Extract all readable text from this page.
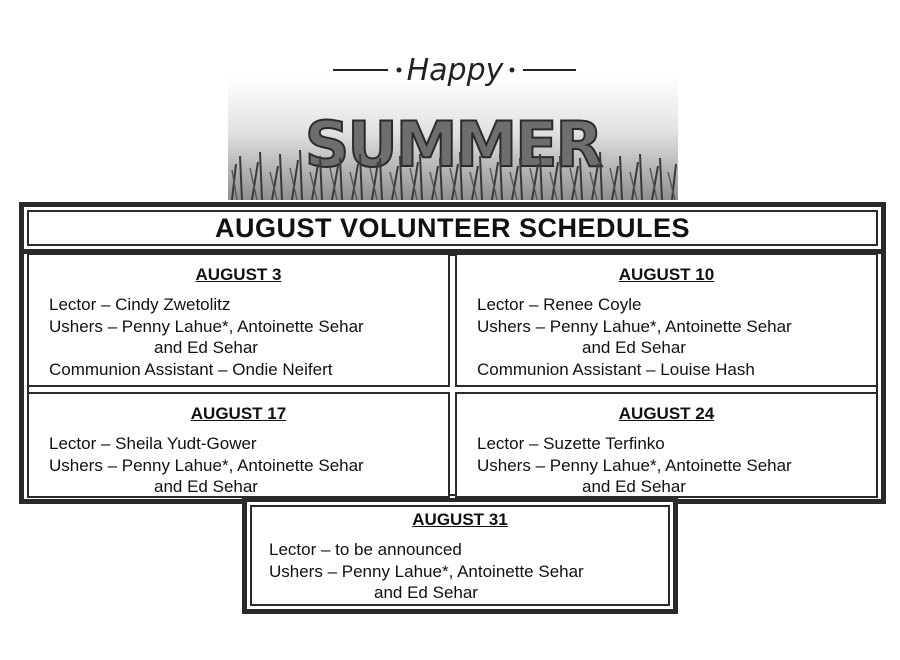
Happy
SUMMER
AUGUST VOLUNTEER SCHEDULES
AUGUST 3
Lector – Cindy Zwetolitz
Ushers – Penny Lahue*, Antoinette Sehar
and Ed Sehar
Communion Assistant – Ondie Neifert
AUGUST 10
Lector – Renee Coyle
Ushers – Penny Lahue*, Antoinette Sehar
and Ed Sehar
Communion Assistant – Louise Hash
AUGUST 17
Lector – Sheila Yudt-Gower
Ushers – Penny Lahue*, Antoinette Sehar
and Ed Sehar
AUGUST 24
Lector – Suzette Terfinko
Ushers – Penny Lahue*, Antoinette Sehar
and Ed Sehar
AUGUST 31
Lector – to be announced
Ushers – Penny Lahue*, Antoinette Sehar
and Ed Sehar
